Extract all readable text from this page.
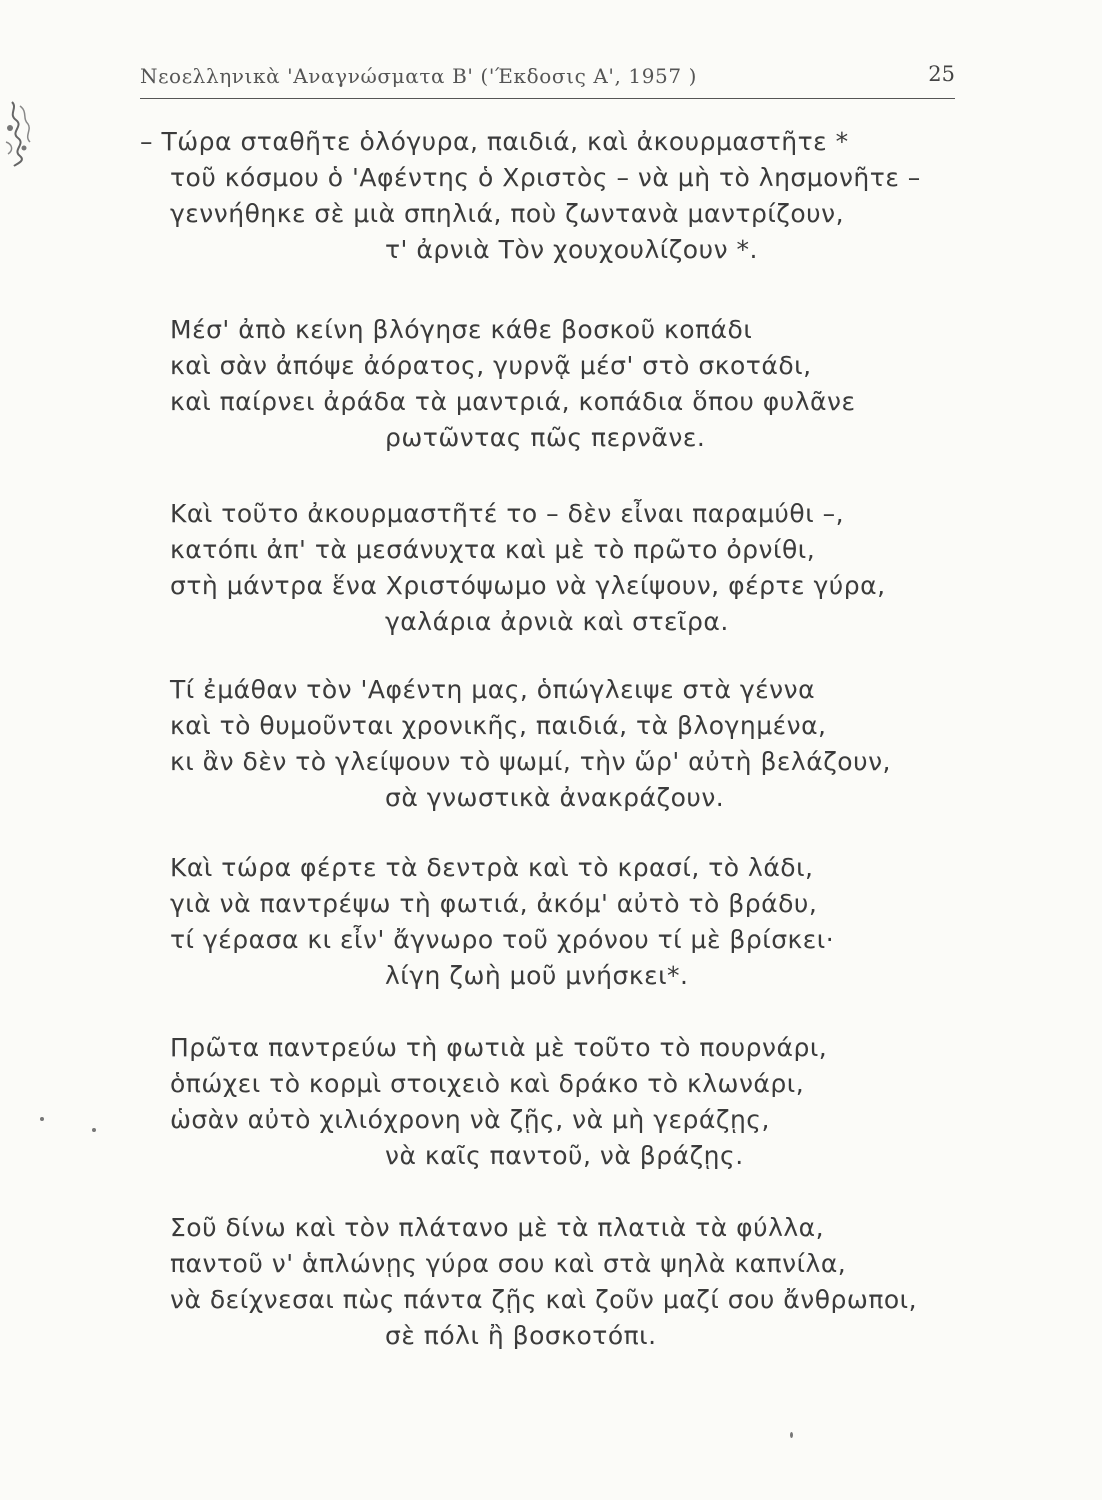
Νεοελληνικὰ 'Αναγνώσματα Β' ('Έκδοσις Α', 1957 )	25
– Τώρα σταθῆτε ὁλόγυρα, παιδιά, καὶ ἀκουρμαστῆτε *
τοῦ κόσμου ὁ 'Αφέντης ὁ Χριστὸς – νὰ μὴ τὸ λησμονῆτε –
γεννήθηκε σὲ μιὰ σπηλιά, ποὺ ζωντανὰ μαντρίζουν,
τ' ἀρνιὰ Τὸν χουχουλίζουν *.
Μέσ' ἀπὸ κείνη βλόγησε κάθε βοσκοῦ κοπάδι
καὶ σὰν ἀπόψε ἀόρατος, γυρνᾷ μέσ' στὸ σκοτάδι,
καὶ παίρνει ἀράδα τὰ μαντριά, κοπάδια ὅπου φυλᾶνε
ρωτῶντας πῶς περνᾶνε.
Καὶ τοῦτο ἀκουρμαστῆτέ το – δὲν εἶναι παραμύθι –,
κατόπι ἀπ' τὰ μεσάνυχτα καὶ μὲ τὸ πρῶτο ὀρνίθι,
στὴ μάντρα ἕνα Χριστόψωμο νὰ γλείψουν, φέρτε γύρα,
γαλάρια ἀρνιὰ καὶ στεῖρα.
Τί ἐμάθαν τὸν 'Αφέντη μας, ὁπώγλειψε στὰ γέννα
καὶ τὸ θυμοῦνται χρονικῆς, παιδιά, τὰ βλογημένα,
κι ἂν δὲν τὸ γλείψουν τὸ ψωμί, τὴν ὥρ' αὐτὴ βελάζουν,
σὰ γνωστικὰ ἀνακράζουν.
Καὶ τώρα φέρτε τὰ δεντρὰ καὶ τὸ κρασί, τὸ λάδι,
γιὰ νὰ παντρέψω τὴ φωτιά, ἀκόμ' αὐτὸ τὸ βράδυ,
τί γέρασα κι εἶν' ἄγνωρο τοῦ χρόνου τί μὲ βρίσκει·
λίγη ζωὴ μοῦ μνήσκει*.
Πρῶτα παντρεύω τὴ φωτιὰ μὲ τοῦτο τὸ πουρνάρι,
ὁπώχει τὸ κορμὶ στοιχειὸ καὶ δράκο τὸ κλωνάρι,
ὡσὰν αὐτὸ χιλιόχρονη νὰ ζῇς, νὰ μὴ γεράζῃς,
νὰ καῖς παντοῦ, νὰ βράζῃς.
Σοῦ δίνω καὶ τὸν πλάτανο μὲ τὰ πλατιὰ τὰ φύλλα,
παντοῦ ν' ἁπλώνῃς γύρα σου καὶ στὰ ψηλὰ καπνίλα,
νὰ δείχνεσαι πὼς πάντα ζῇς καὶ ζοῦν μαζί σου ἄνθρωποι,
σὲ πόλι ἢ βοσκοτόπι.
